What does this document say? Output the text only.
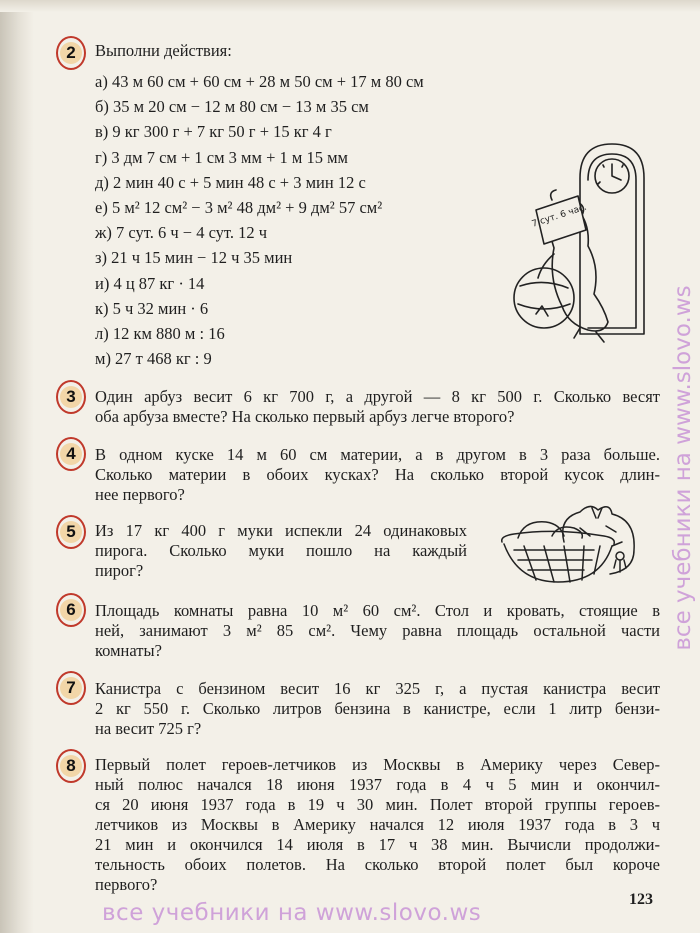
2	Выполни действия:
а) 43 м 60 см + 60 см + 28 м 50 см + 17 м 80 см
б) 35 м 20 см − 12 м 80 см − 13 м 35 см
в) 9 кг 300 г + 7 кг 50 г + 15 кг 4 г
г) 3 дм 7 см + 1 см 3 мм + 1 м 15 мм
д) 2 мин 40 с + 5 мин 48 с + 3 мин 12 с
е) 5 м² 12 см² − 3 м² 48 дм² + 9 дм² 57 см²
ж) 7 сут. 6 ч − 4 сут. 12 ч
з) 21 ч 15 мин − 12 ч 35 мин
и) 4 ц 87 кг · 14
к) 5 ч 32 мин · 6
л) 12 км 880 м : 16
м) 27 т 468 кг : 9
7 сут. 6 час.
3	Один арбуз весит 6 кг 700 г, а другой — 8 кг 500 г. Сколько весят
оба арбуза вместе? На сколько первый арбуз легче второго?
4	В одном куске 14 м 60 см материи, а в другом в 3 раза больше.
Сколько материи в обоих кусках? На сколько второй кусок длин-
нее первого?
5	Из 17 кг 400 г муки испекли 24 одинаковых
пирога. Сколько муки пошло на каждый
пирог?
6	Площадь комнаты равна 10 м² 60 см². Стол и кровать, стоящие в
ней, занимают 3 м² 85 см². Чему равна площадь остальной части
комнаты?
7	Канистра с бензином весит 16 кг 325 г, а пустая канистра весит
2 кг 550 г. Сколько литров бензина в канистре, если 1 литр бензи-
на весит 725 г?
8	Первый полет героев-летчиков из Москвы в Америку через Север-
ный полюс начался 18 июня 1937 года в 4 ч 5 мин и окончил-
ся 20 июня 1937 года в 19 ч 30 мин. Полет второй группы героев-
летчиков из Москвы в Америку начался 12 июля 1937 года в 3 ч
21 мин и окончился 14 июля в 17 ч 38 мин. Вычисли продолжи-
тельность обоих полетов. На сколько второй полет был короче
первого?
123
все учебники на www.slovo.ws
все учебники на www.slovo.ws
